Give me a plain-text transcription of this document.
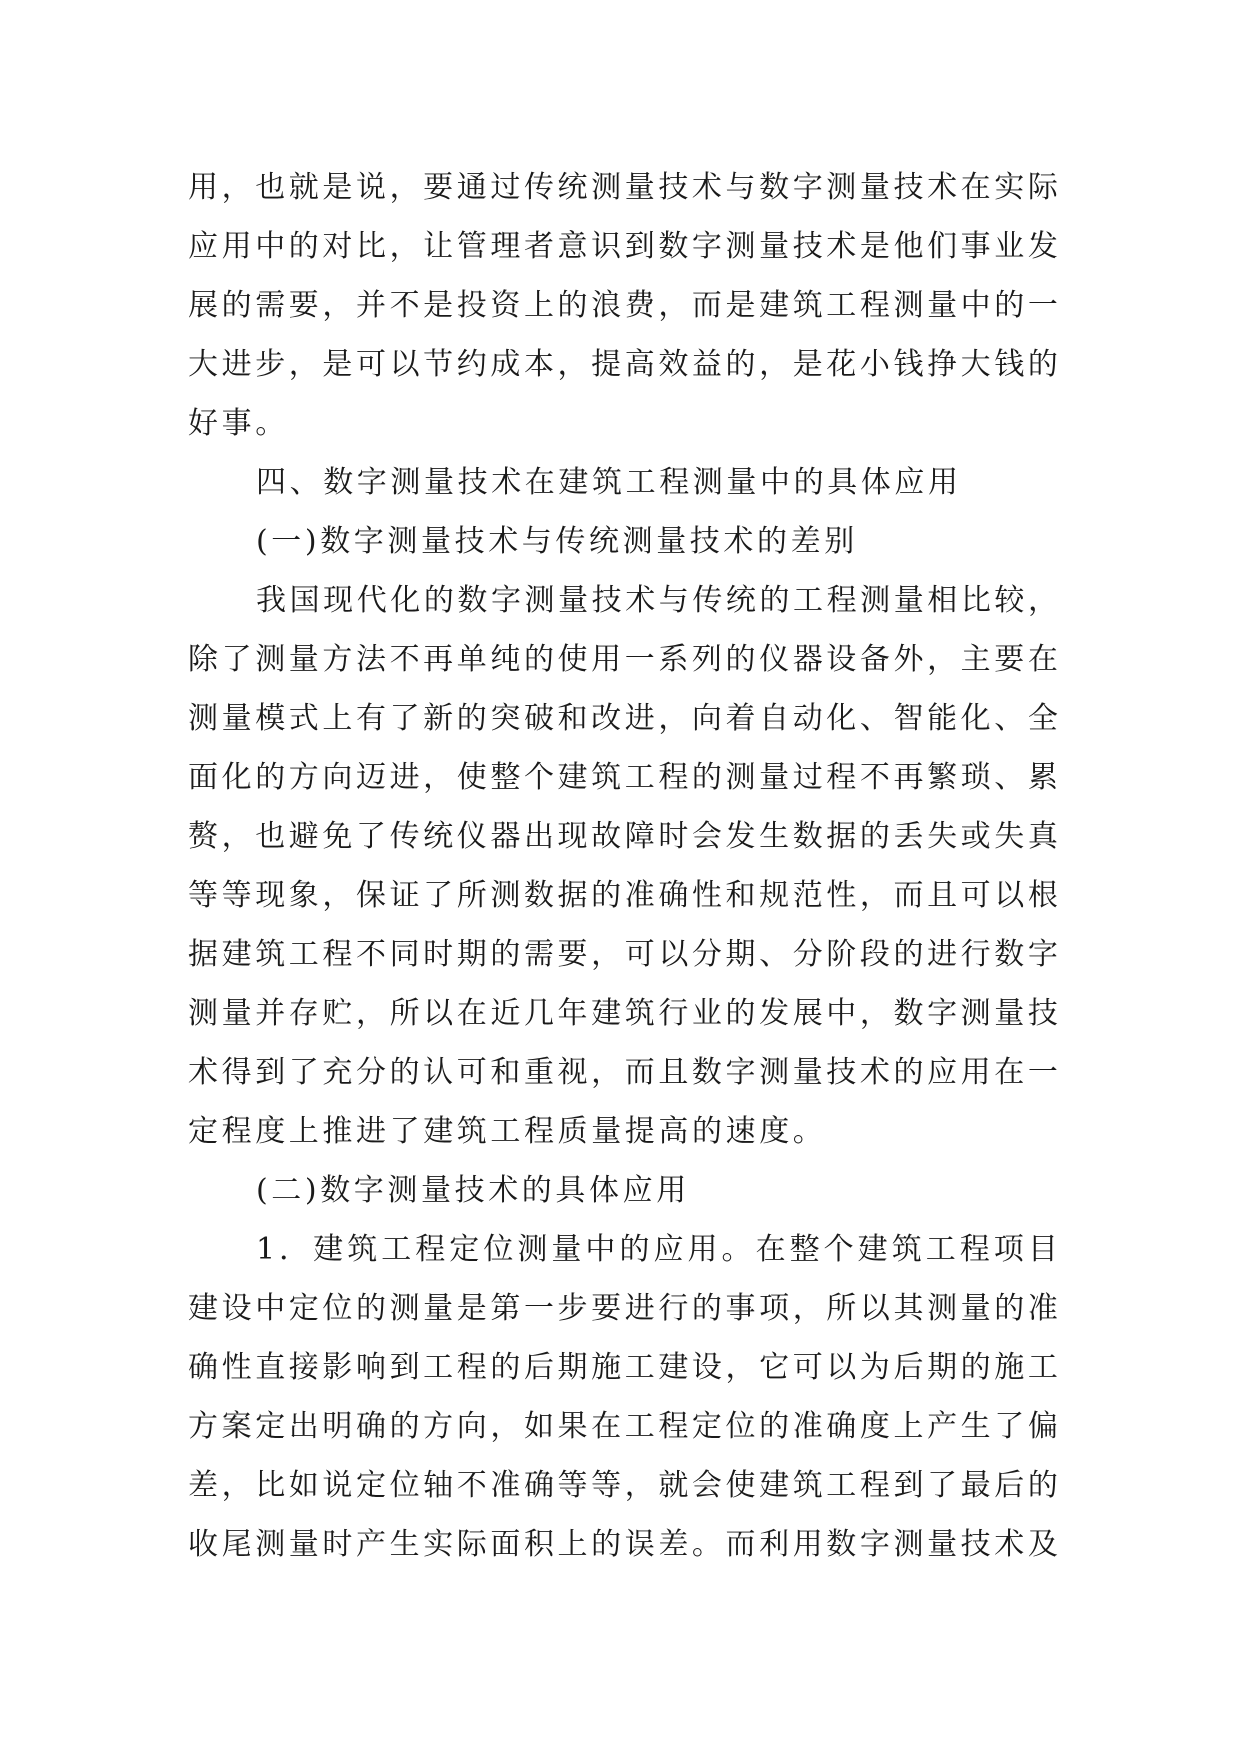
用 ， 也 就 是 说 ， 要 通 过 传 统 测 量 技 术 与 数 字 测 量 技 术 在 实 际
应 用 中 的 对 比 ， 让 管 理 者 意 识 到 数 字 测 量 技 术 是 他 们 事 业 发
展 的 需 要 ， 并 不 是 投 资 上 的 浪 费 ， 而 是 建 筑 工 程 测 量 中 的 一
大 进 步 ， 是 可 以 节 约 成 本 ， 提 高 效 益 的 ， 是 花 小 钱 挣 大 钱 的
好事。
四、数字测量技术在建筑工程测量中的具体应用
(一)数字测量技术与传统测量技术的差别
我 国 现 代 化 的 数 字 测 量 技 术 与 传 统 的 工 程 测 量 相 比 较 ，
除 了 测 量 方 法 不 再 单 纯 的 使 用 一 系 列 的 仪 器 设 备 外 ， 主 要 在
测 量 模 式 上 有 了 新 的 突 破 和 改 进 ， 向 着 自 动 化 、 智 能 化 、 全
面 化 的 方 向 迈 进 ， 使 整 个 建 筑 工 程 的 测 量 过 程 不 再 繁 琐 、 累
赘 ， 也 避 免 了 传 统 仪 器 出 现 故 障 时 会 发 生 数 据 的 丢 失 或 失 真
等 等 现 象 ， 保 证 了 所 测 数 据 的 准 确 性 和 规 范 性 ， 而 且 可 以 根
据 建 筑 工 程 不 同 时 期 的 需 要 ， 可 以 分 期 、 分 阶 段 的 进 行 数 字
测 量 并 存 贮 ， 所 以 在 近 几 年 建 筑 行 业 的 发 展 中 ， 数 字 测 量 技
术 得 到 了 充 分 的 认 可 和 重 视 ， 而 且 数 字 测 量 技 术 的 应 用 在 一
定程度上推进了建筑工程质量提高的速度。
(二)数字测量技术的具体应用
1 ． 建 筑 工 程 定 位 测 量 中 的 应 用 。 在 整 个 建 筑 工 程 项 目
建 设 中 定 位 的 测 量 是 第 一 步 要 进 行 的 事 项 ， 所 以 其 测 量 的 准
确 性 直 接 影 响 到 工 程 的 后 期 施 工 建 设 ， 它 可 以 为 后 期 的 施 工
方 案 定 出 明 确 的 方 向 ， 如 果 在 工 程 定 位 的 准 确 度 上 产 生 了 偏
差 ， 比 如 说 定 位 轴 不 准 确 等 等 ， 就 会 使 建 筑 工 程 到 了 最 后 的
收 尾 测 量 时 产 生 实 际 面 积 上 的 误 差 。 而 利 用 数 字 测 量 技 术 及
